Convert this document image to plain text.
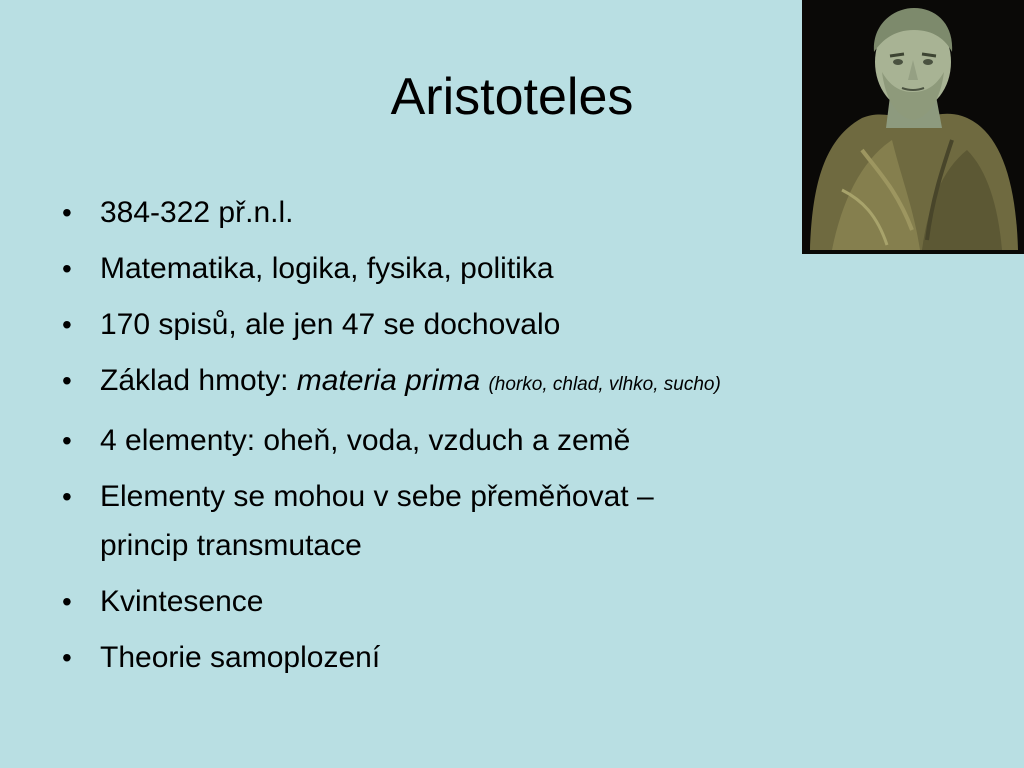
Aristoteles
• 384-322 př.n.l.
• Matematika, logika, fysika, politika
• 170 spisů, ale jen 47 se dochovalo
• Základ hmoty: materia prima (horko, chlad, vlhko, sucho)
• 4 elementy: oheň, voda, vzduch a země
• Elementy se mohou v sebe přeměňovat –
princip transmutace
• Kvintesence
• Theorie samoplození
